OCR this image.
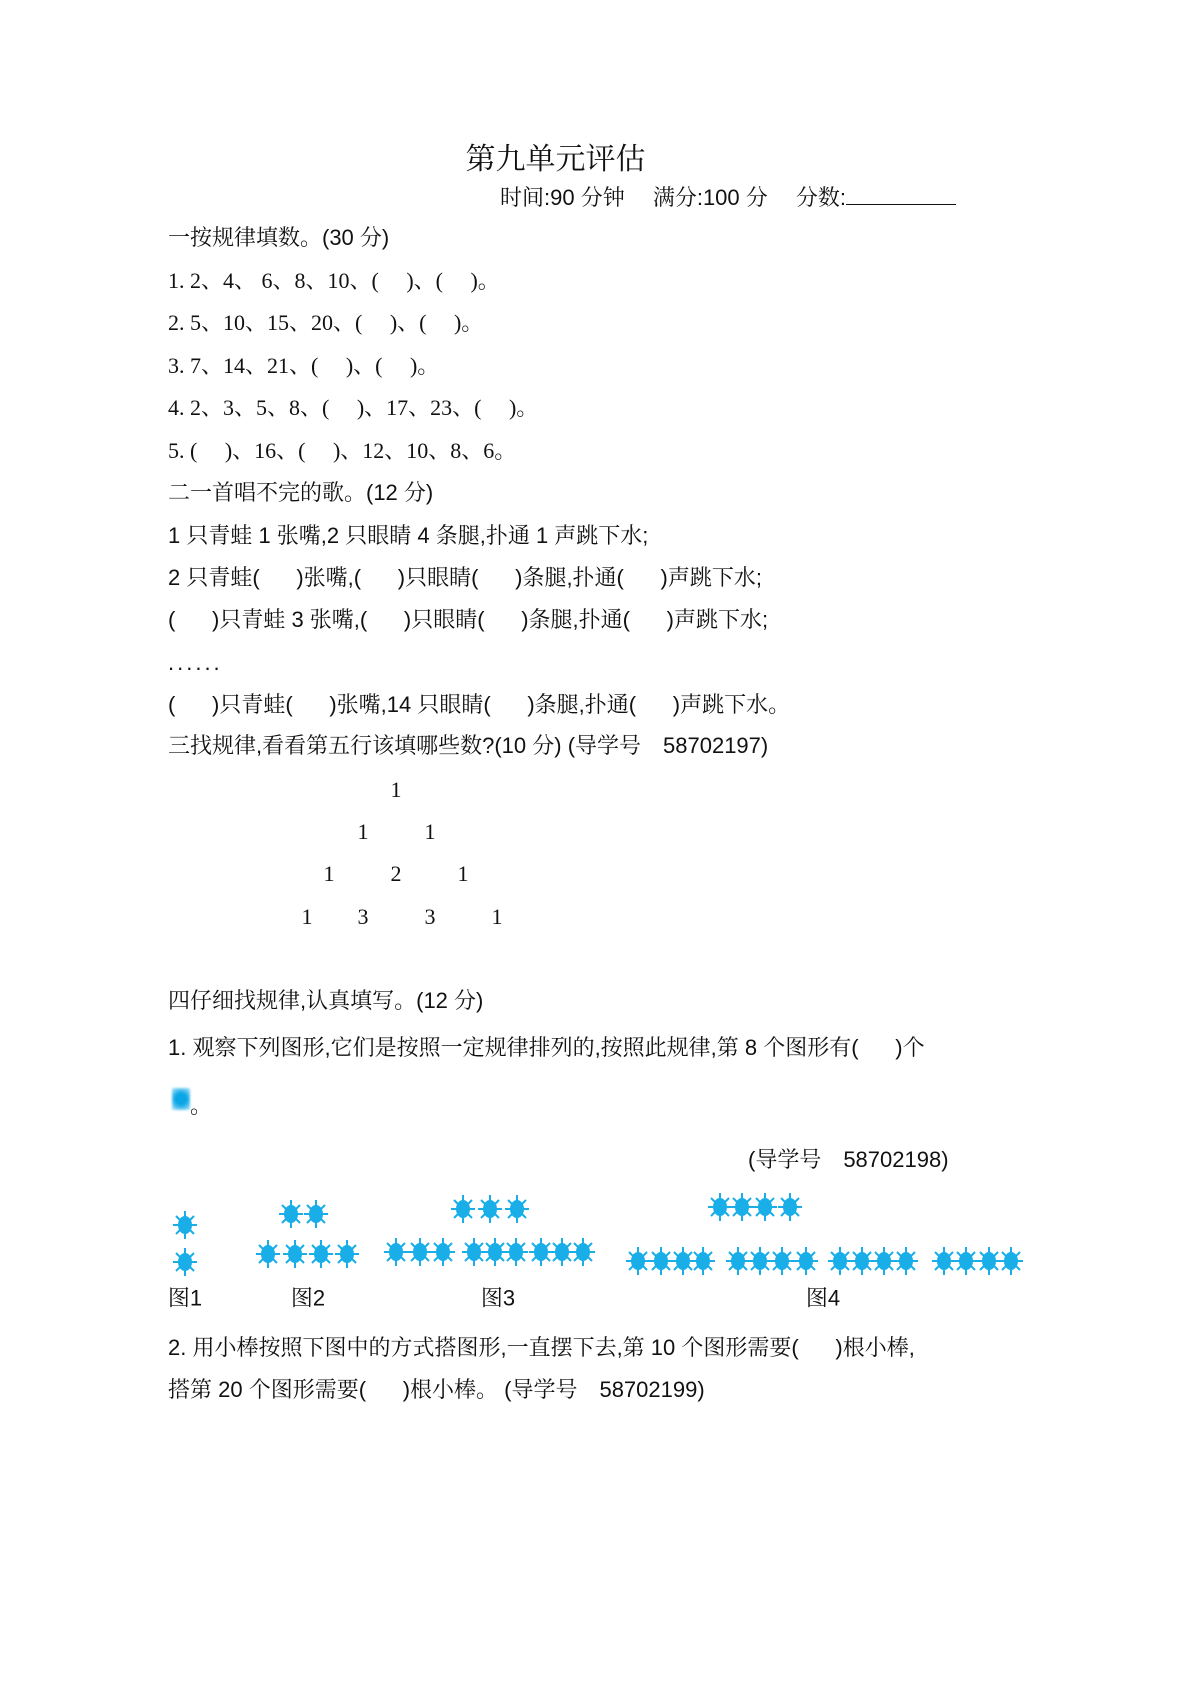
第九单元评估
时间:90 分钟　 满分:100 分　 分数:
一按规律填数。(30 分)
1. 2、4、 6、8、10、(     )、(     )。
2. 5、10、15、20、(     )、(     )。
3. 7、14、21、(     )、(     )。
4. 2、3、5、8、(     )、17、23、(     )。
5. (     )、16、(     )、12、10、8、6。
二一首唱不完的歌。(12 分)
1 只青蛙 1 张嘴,2 只眼睛 4 条腿,扑通 1 声跳下水;
2 只青蛙(      )张嘴,(      )只眼睛(      )条腿,扑通(      )声跳下水;
(      )只青蛙 3 张嘴,(      )只眼睛(      )条腿,扑通(      )声跳下水;
......
(      )只青蛙(      )张嘴,14 只眼睛(      )条腿,扑通(      )声跳下水。
三找规律,看看第五行该填哪些数?(10 分) (导学号　58702197)
1
1	1
1	2	1
1 3	3	1
四仔细找规律,认真填写。(12 分)
1. 观察下列图形,它们是按照一定规律排列的,按照此规律,第 8 个图形有(      )个
。
(导学号　58702198)
图1	图2	图3	图4
2. 用小棒按照下图中的方式搭图形,一直摆下去,第 10 个图形需要(      )根小棒,
搭第 20 个图形需要(      )根小棒。 (导学号　58702199)
